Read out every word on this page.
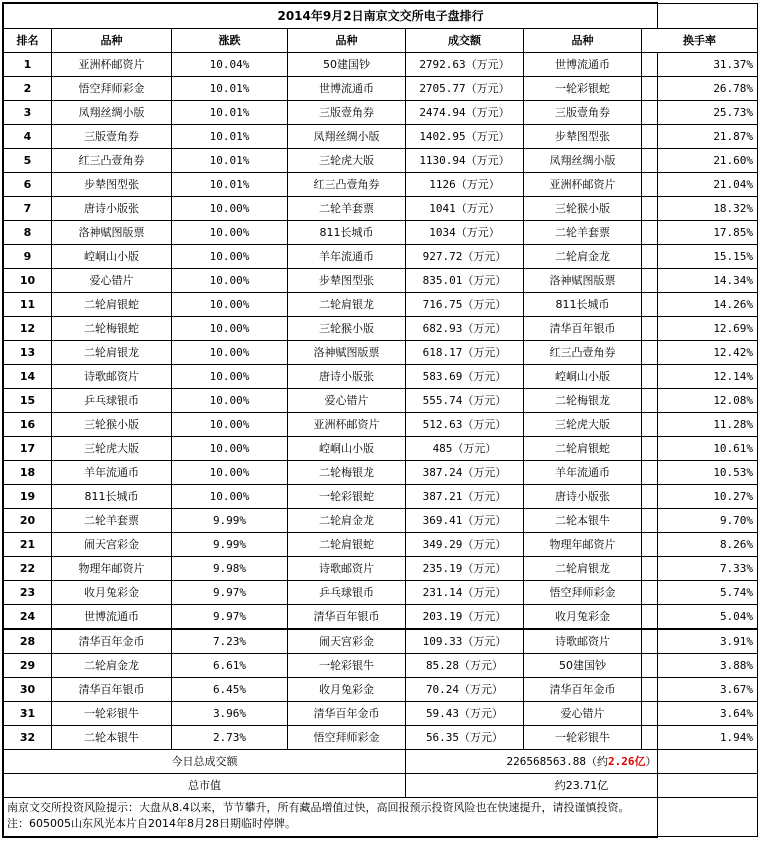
2014年9月2日南京文交所电子盘排行						
排名	品种	涨跌	品种	成交额	品种	换手率
1	亚洲杯邮资片	10.04%	50建国钞	2792.63（万元）	世博流通币	31.37%
2	悟空拜师彩金	10.01%	世博流通币	2705.77（万元）	一轮彩银蛇	26.78%
3	凤翔丝绸小版	10.01%	三版壹角券	2474.94（万元）	三版壹角券	25.73%
4	三版壹角券	10.01%	凤翔丝绸小版	1402.95（万元）	步辇图型张	21.87%
5	红三凸壹角券	10.01%	三轮虎大版	1130.94（万元）	凤翔丝绸小版	21.60%
6	步辇图型张	10.01%	红三凸壹角券	1126（万元）	亚洲杯邮资片	21.04%
7	唐诗小版张	10.00%	二轮羊套票	1041（万元）	三轮猴小版	18.32%
8	洛神赋图版票	10.00%	811长城币	1034（万元）	二轮羊套票	17.85%
9	崆峒山小版	10.00%	羊年流通币	927.72（万元）	二轮肩金龙	15.15%
10	爱心错片	10.00%	步辇图型张	835.01（万元）	洛神赋图版票	14.34%
11	二轮肩银蛇	10.00%	二轮肩银龙	716.75（万元）	811长城币	14.26%
12	二轮梅银蛇	10.00%	三轮猴小版	682.93（万元）	清华百年银币	12.69%
13	二轮肩银龙	10.00%	洛神赋图版票	618.17（万元）	红三凸壹角券	12.42%
14	诗歌邮资片	10.00%	唐诗小版张	583.69（万元）	崆峒山小版	12.14%
15	乒乓球银币	10.00%	爱心错片	555.74（万元）	二轮梅银龙	12.08%
16	三轮猴小版	10.00%	亚洲杯邮资片	512.63（万元）	三轮虎大版	11.28%
17	三轮虎大版	10.00%	崆峒山小版	485（万元）	二轮肩银蛇	10.61%
18	羊年流通币	10.00%	二轮梅银龙	387.24（万元）	羊年流通币	10.53%
19	811长城币	10.00%	一轮彩银蛇	387.21（万元）	唐诗小版张	10.27%
20	二轮羊套票	9.99%	二轮肩金龙	369.41（万元）	二轮本银牛	9.70%
21	闹天宫彩金	9.99%	二轮肩银蛇	349.29（万元）	物理年邮资片	8.26%
22	物理年邮资片	9.98%	诗歌邮资片	235.19（万元）	二轮肩银龙	7.33%
23	收月兔彩金	9.97%	乒乓球银币	231.14（万元）	悟空拜师彩金	5.74%
24	世博流通币	9.97%	清华百年银币	203.19（万元）	收月兔彩金	5.04%
28	清华百年金币	7.23%	闹天宫彩金	109.33（万元）	诗歌邮资片	3.91%
29	二轮肩金龙	6.61%	一轮彩银牛	85.28（万元）	50建国钞	3.88%
30	清华百年银币	6.45%	收月兔彩金	70.24（万元）	清华百年金币	3.67%
31	一轮彩银牛	3.96%	清华百年金币	59.43（万元）	爱心错片	3.64%
32	二轮本银牛	2.73%	悟空拜师彩金	56.35（万元）	一轮彩银牛	1.94%
今日总成交额				226568563.88（约2.26亿）		
总市值				约23.71亿		

南京文交所投资风险提示：大盘从8.4以来，节节攀升，所有藏品增值过快，高回报预示投资风险也在快速提升，请投谨慎投资。
注：605005山东风光本片自2014年8月28日期临时停牌。						
